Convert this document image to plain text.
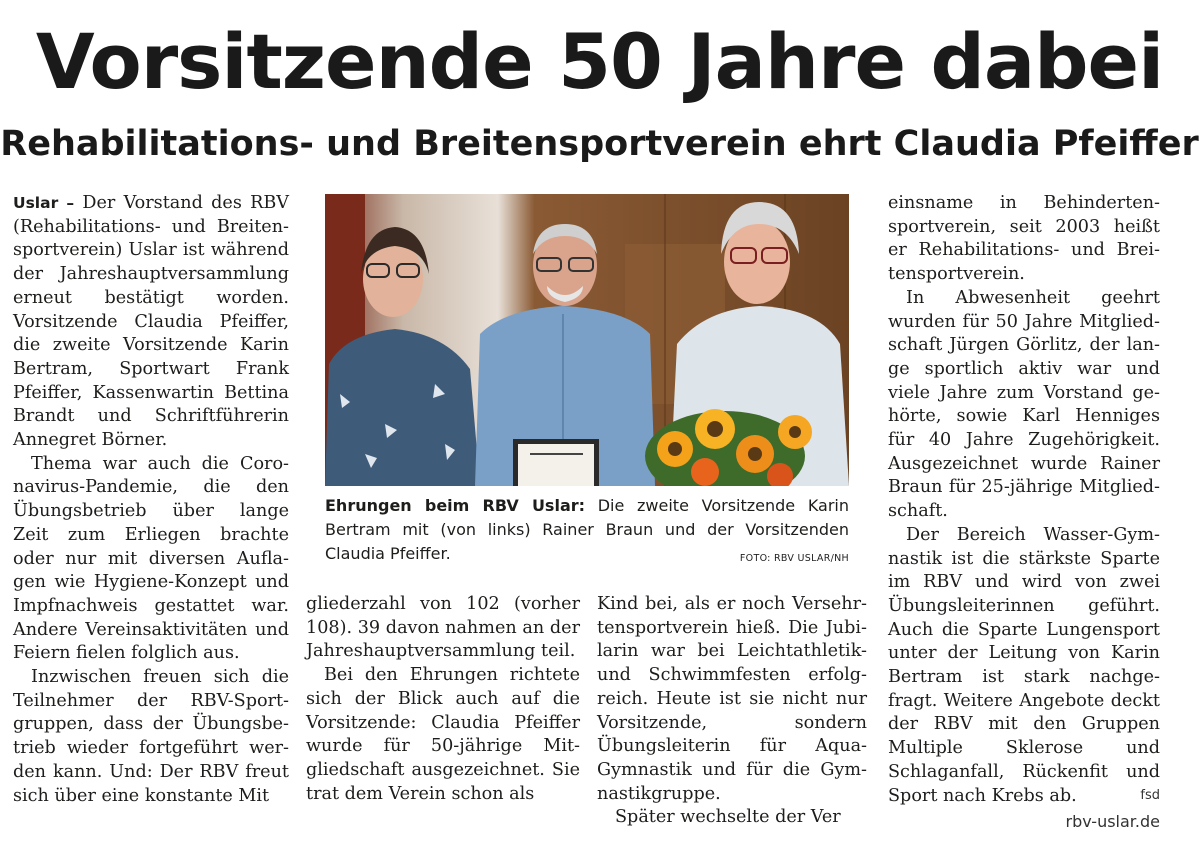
Vorsitzende 50 Jahre dabei
Rehabilitations- und Breitensportverein ehrt Claudia Pfeiffer

Uslar – Der Vorstand des RBV (Rehabilitations- und Breitensportverein) Uslar ist während der Jahreshauptversammlung erneut bestätigt worden. Vorsitzende Claudia Pfeiffer, die zweite Vorsitzende Karin Bertram, Sportwart Frank Pfeiffer, Kassenwartin Bettina Brandt und Schriftführerin Annegret Börner.

Thema war auch die Coronavirus-Pandemie, die den Übungsbetrieb über lange Zeit zum Erliegen brachte oder nur mit diversen Auflagen wie Hygiene-Konzept und Impfnachweis gestattet war. Andere Vereinsaktivitäten und Feiern fielen folglich aus.

Inzwischen freuen sich die Teilnehmer der RBV-Sportgruppen, dass der Übungsbetrieb wieder fortgeführt werden kann. Und: Der RBV freut sich über eine konstante Mit

Ehrungen beim RBV Uslar: Die zweite Vorsitzende Karin Bertram mit (von links) Rainer Braun und der Vorsitzenden Claudia Pfeiffer.	FOTO: RBV USLAR/NH

gliederzahl von 102 (vorher 108). 39 davon nahmen an der Jahreshauptversammlung teil.

Bei den Ehrungen richtete sich der Blick auch auf die Vorsitzende: Claudia Pfeiffer wurde für 50-jährige Mitgliedschaft ausgezeichnet. Sie trat dem Verein schon als

Kind bei, als er noch Versehrtensportverein hieß. Die Jubilarin war bei Leichtathletik- und Schwimmfesten erfolgreich. Heute ist sie nicht nur Vorsitzende, sondern Übungsleiterin für Aqua-Gymnastik und für die Gymnastikgruppe.

Später wechselte der Ver

einsname in Behindertensportverein, seit 2003 heißt er Rehabilitations- und Breitensportverein.

In Abwesenheit geehrt wurden für 50 Jahre Mitgliedschaft Jürgen Görlitz, der lange sportlich aktiv war und viele Jahre zum Vorstand gehörte, sowie Karl Henniges für 40 Jahre Zugehörigkeit. Ausgezeichnet wurde Rainer Braun für 25-jährige Mitgliedschaft.

Der Bereich Wasser-Gymnastik ist die stärkste Sparte im RBV und wird von zwei Übungsleiterinnen geführt. Auch die Sparte Lungensport unter der Leitung von Karin Bertram ist stark nachgefragt. Weitere Angebote deckt der RBV mit den Gruppen Multiple Sklerose und Schlaganfall, Rückenfit und Sport nach Krebs ab.	fsd
rbv-uslar.de
